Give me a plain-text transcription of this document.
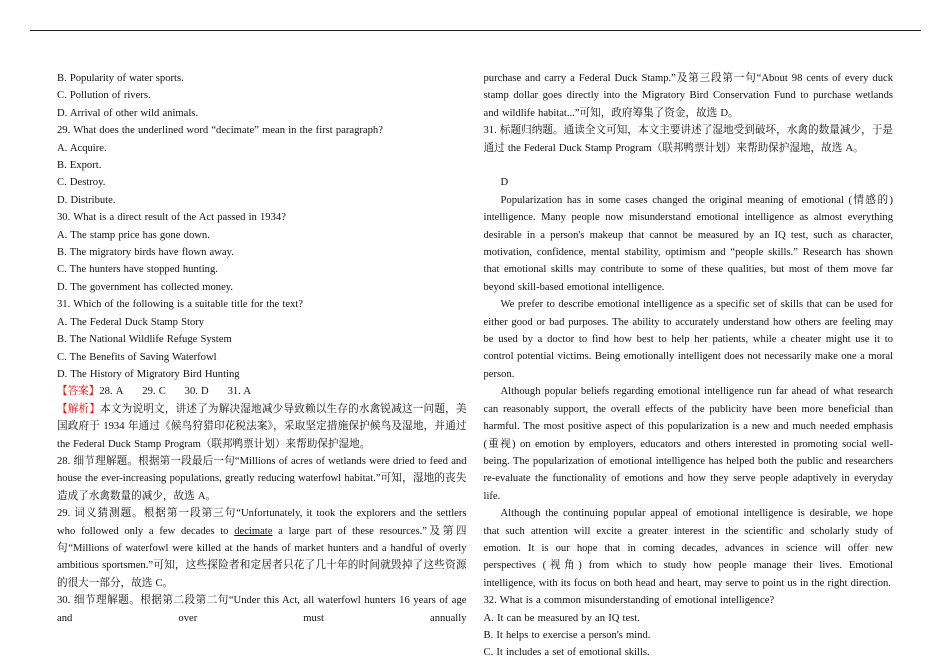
B. Popularity of water sports.
C. Pollution of rivers.
D. Arrival of other wild animals.
29. What does the underlined word “decimate” mean in the first paragraph?
A. Acquire.
B. Export.
C. Destroy.
D. Distribute.
30. What is a direct result of the Act passed in 1934?
A. The stamp price has gone down.
B. The migratory birds have flown away.
C. The hunters have stopped hunting.
D. The government has collected money.
31. Which of the following is a suitable title for the text?
A. The Federal Duck Stamp Story
B. The National Wildlife Refuge System
C. The Benefits of Saving Waterfowl
D. The History of Migratory Bird Hunting
【答案】28. A      29. C      30. D      31. A
【解析】本文为说明文，讲述了为解决湿地减少导致赖以生存的水禽锐减这一问题，美国政府于 1934 年通过《候鸟狩猎印花税法案》，采取坚定措施保护候鸟及湿地，并通过 the Federal Duck Stamp Program（联邦鸭票计划）来帮助保护湿地。
28. 细节理解题。根据第一段最后一句“Millions of acres of wetlands were dried to feed and house the ever-increasing populations, greatly reducing waterfowl habitat.”可知，湿地的丧失造成了水禽数量的减少，故选 A。
29. 词义猜测题。根据第一段第三句“Unfortunately, it took the explorers and the settlers who followed only a few decades to decimate a large part of these resources.”及第四句“Millions of waterfowl were killed at the hands of market hunters and a handful of overly ambitious sportsmen.”可知，这些探险者和定居者只花了几十年的时间就毁掉了这些资源的很大一部分，故选 C。
30. 细节理解题。根据第二段第二句“Under this Act, all waterfowl hunters 16 years of age and over must annually
purchase and carry a Federal Duck Stamp.”及第三段第一句“About 98 cents of every duck stamp dollar goes directly into the Migratory Bird Conservation Fund to purchase wetlands and wildlife habitat...”可知，政府筹集了资金，故选 D。
31. 标题归纳题。通读全文可知，本文主要讲述了湿地受到破坏，水禽的数量减少，于是通过 the Federal Duck Stamp Program（联邦鸭票计划）来帮助保护湿地，故选 A。
D
Popularization has in some cases changed the original meaning of emotional (情感的) intelligence. Many people now misunderstand emotional intelligence as almost everything desirable in a person's makeup that cannot be measured by an IQ test, such as character, motivation, confidence, mental stability, optimism and “people skills.” Research has shown that emotional skills may contribute to some of these qualities, but most of them move far beyond skill-based emotional intelligence.
We prefer to describe emotional intelligence as a specific set of skills that can be used for either good or bad purposes. The ability to accurately understand how others are feeling may be used by a doctor to find how best to help her patients, while a cheater might use it to control potential victims. Being emotionally intelligent does not necessarily make one a moral person.
Although popular beliefs regarding emotional intelligence run far ahead of what research can reasonably support, the overall effects of the publicity have been more beneficial than harmful. The most positive aspect of this popularization is a new and much needed emphasis (重视) on emotion by employers, educators and others interested in promoting social well-being. The popularization of emotional intelligence has helped both the public and researchers re-evaluate the functionality of emotions and how they serve people adaptively in everyday life.
Although the continuing popular appeal of emotional intelligence is desirable, we hope that such attention will excite a greater interest in the scientific and scholarly study of emotion. It is our hope that in coming decades, advances in science will offer new perspectives (视角) from which to study how people manage their lives. Emotional intelligence, with its focus on both head and heart, may serve to point us in the right direction.
32. What is a common misunderstanding of emotional intelligence?
A. It can be measured by an IQ test.
B. It helps to exercise a person's mind.
C. It includes a set of emotional skills.
